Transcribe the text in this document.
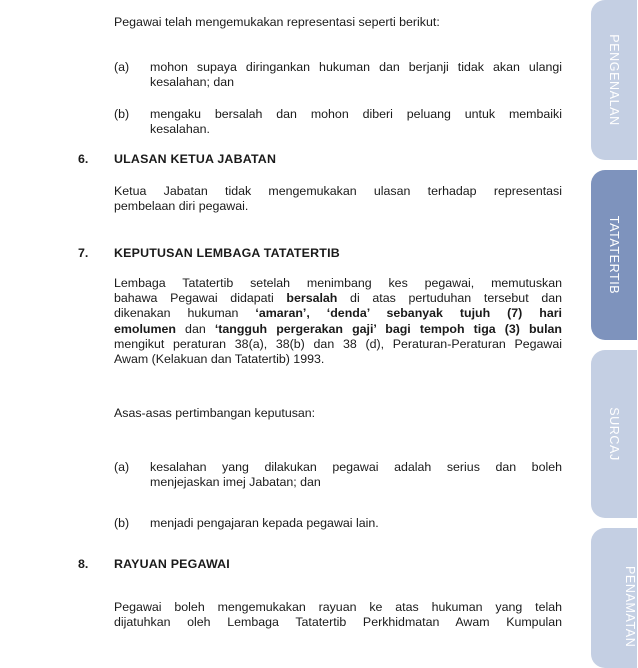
Pegawai telah mengemukakan representasi seperti berikut:
(a) mohon supaya diringankan hukuman dan berjanji tidak akan ulangi
kesalahan; dan
(b) mengaku bersalah dan mohon diberi peluang untuk membaiki
kesalahan.
6. ULASAN KETUA JABATAN
Ketua Jabatan tidak mengemukakan ulasan terhadap representasi
pembelaan diri pegawai.
7. KEPUTUSAN LEMBAGA TATATERTIB
Lembaga Tatatertib setelah menimbang kes pegawai, memutuskan
bahawa Pegawai didapati bersalah di atas pertuduhan tersebut dan
dikenakan hukuman ‘amaran’, ‘denda’ sebanyak tujuh (7) hari
emolumen dan ‘tangguh pergerakan gaji’ bagi tempoh tiga (3) bulan
mengikut peraturan 38(a), 38(b) dan 38 (d), Peraturan-Peraturan Pegawai
Awam (Kelakuan dan Tatatertib) 1993.
Asas-asas pertimbangan keputusan:
(a) kesalahan yang dilakukan pegawai adalah serius dan boleh
menjejaskan imej Jabatan; dan
(b) menjadi pengajaran kepada pegawai lain.
8. RAYUAN PEGAWAI
Pegawai boleh mengemukakan rayuan ke atas hukuman yang telah
dijatuhkan oleh Lembaga Tatatertib Perkhidmatan Awam Kumpulan
PENGENALAN
TATATERTIB
SURCAJ
PENAMATAN
